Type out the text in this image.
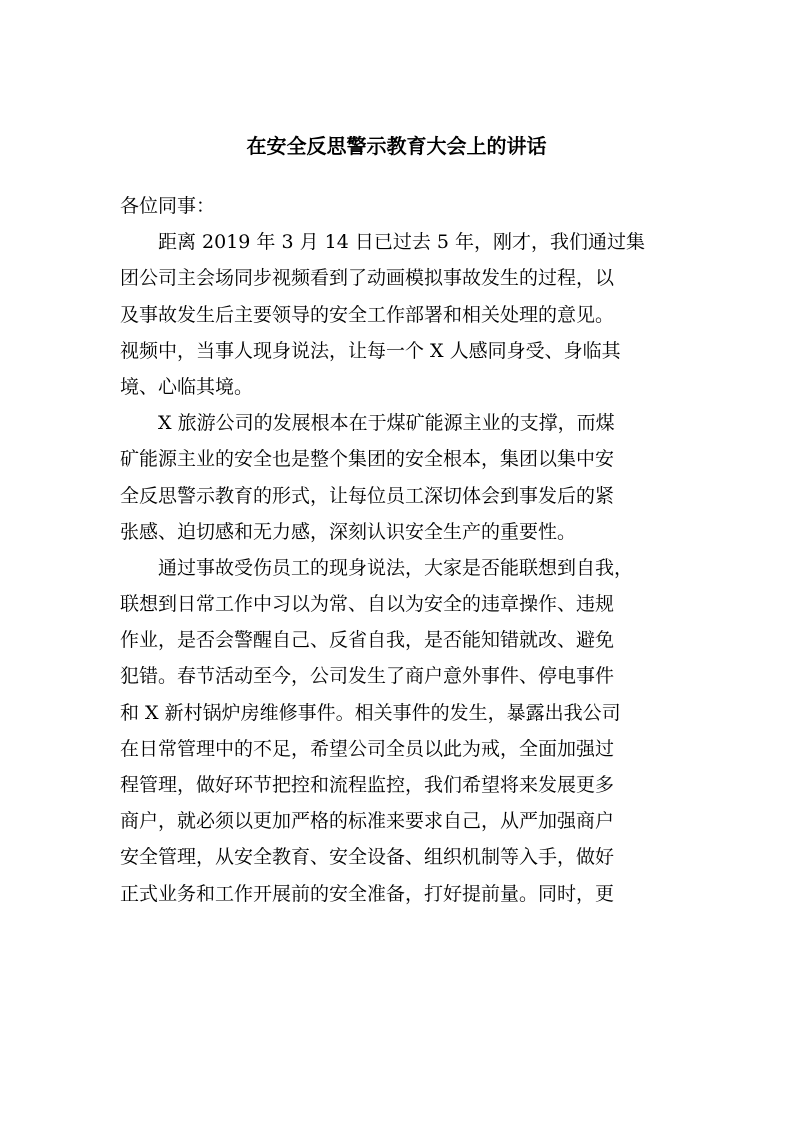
在安全反思警示教育大会上的讲话
各位同事：
　　距离 2019 年 3 月 14 日已过去 5 年，刚才，我们通过集
团公司主会场同步视频看到了动画模拟事故发生的过程，以
及事故发生后主要领导的安全工作部署和相关处理的意见。
视频中，当事人现身说法，让每一个 X 人感同身受、身临其
境、心临其境。
　　X 旅游公司的发展根本在于煤矿能源主业的支撑，而煤
矿能源主业的安全也是整个集团的安全根本，集团以集中安
全反思警示教育的形式，让每位员工深切体会到事发后的紧
张感、迫切感和无力感，深刻认识安全生产的重要性。
　　通过事故受伤员工的现身说法，大家是否能联想到自我，
联想到日常工作中习以为常、自以为安全的违章操作、违规
作业，是否会警醒自己、反省自我，是否能知错就改、避免
犯错。春节活动至今，公司发生了商户意外事件、停电事件
和 X 新村锅炉房维修事件。相关事件的发生，暴露出我公司
在日常管理中的不足，希望公司全员以此为戒，全面加强过
程管理，做好环节把控和流程监控，我们希望将来发展更多
商户，就必须以更加严格的标准来要求自己，从严加强商户
安全管理，从安全教育、安全设备、组织机制等入手，做好
正式业务和工作开展前的安全准备，打好提前量。同时，更
